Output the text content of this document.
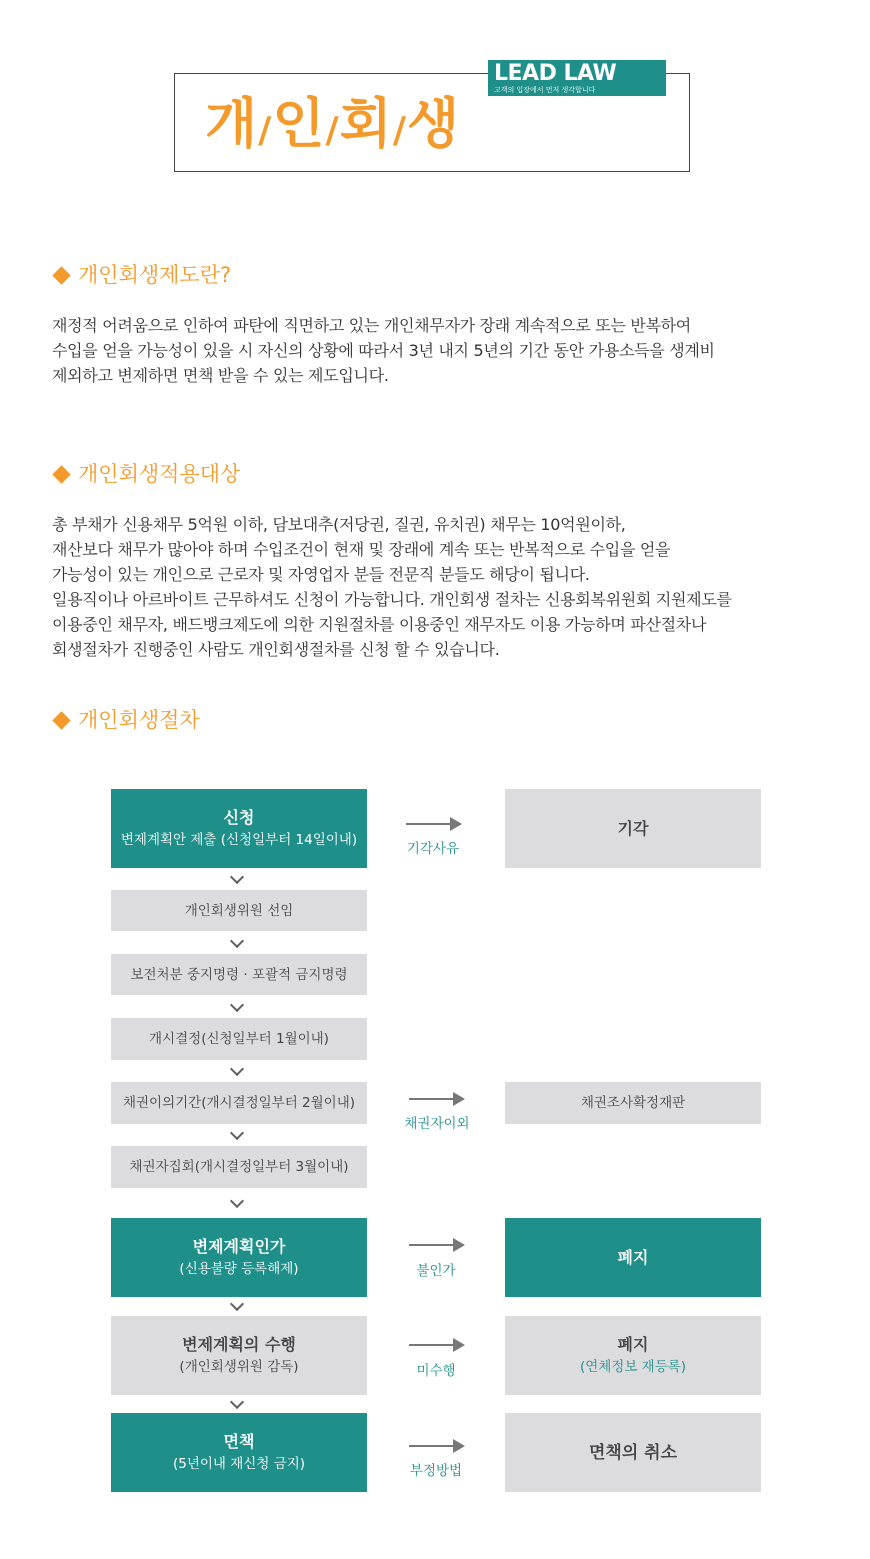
개/인/회/생
LEAD LAW
고객의 입장에서 먼저 생각합니다
개인회생제도란?

재정적 어려움으로 인하여 파탄에 직면하고 있는 개인채무자가 장래 계속적으로 또는 반복하여
수입을 얻을 가능성이 있을 시 자신의 상황에 따라서 3년 내지 5년의 기간 동안 가용소득을 생계비
제외하고 변제하면 면책 받을 수 있는 제도입니다.

개인회생적용대상

총 부채가 신용채무 5억원 이하, 담보대추(저당권, 질권, 유치권) 채무는 10억원이하,
재산보다 채무가 많아야 하며 수입조건이 현재 및 장래에 계속 또는 반복적으로 수입을 얻을
가능성이 있는 개인으로 근로자 및 자영업자 분들 전문직 분들도 해당이 됩니다.
일용직이나 아르바이트 근무하셔도 신청이 가능합니다. 개인회생 절차는 신용회복위원회 지원제도를
이용중인 채무자, 배드뱅크제도에 의한 지원절차를 이용중인 재무자도 이용 가능하며 파산절차나
회생절차가 진행중인 사람도 개인회생절차를 신청 할 수 있습니다.

개인회생절차
신청
변제계획안 제출 (신청일부터 14일이내)
기각사유
기각
개인회생위원 선임
보전처분 중지명령 · 포괄적 금지명령
개시결정(신청일부터 1월이내)
채권이의기간(개시결정일부터 2월이내)
채권자이외
채권조사확정재판
채권자집회(개시결정일부터 3월이내)
변제계획인가
(신용불량 등록해제)	불인가
폐지
변제계획의 수행
(개인회생위원 감독)	미수행
폐지
(연체정보 재등록)
면책
(5년이내 재신청 금지)	부정방법
면책의 취소
